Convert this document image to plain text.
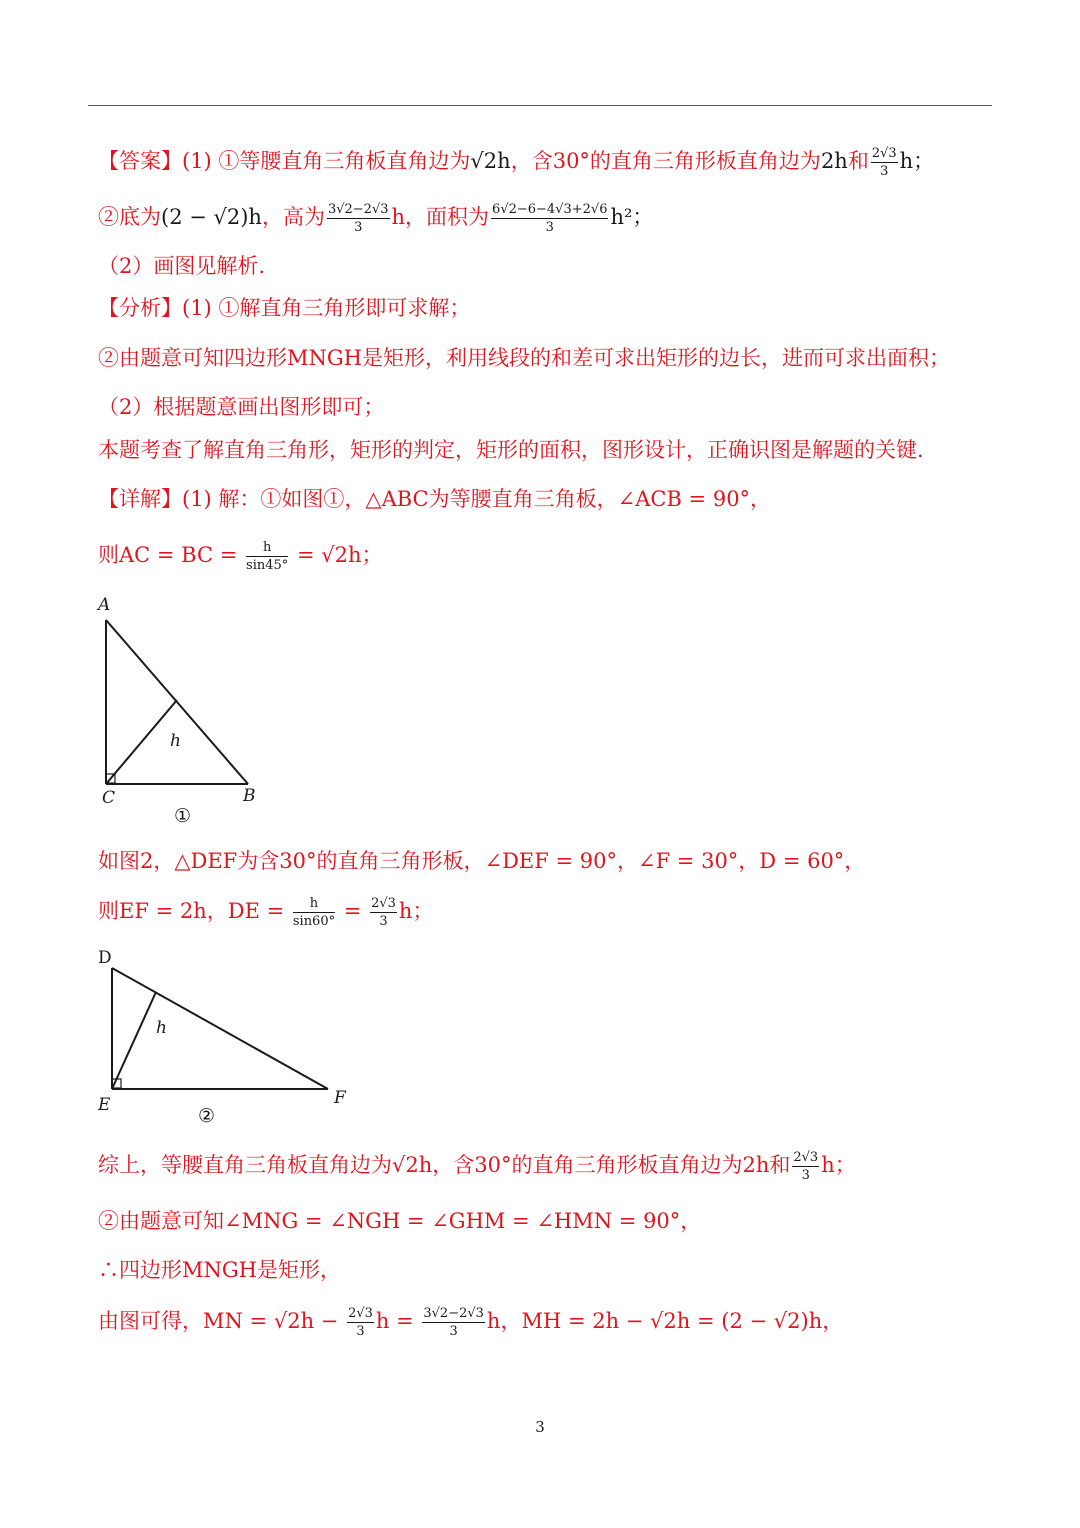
【答案】(1) ①等腰直角三角板直角边为√2h，含30°的直角三角形板直角边为2h和 $\frac{2√3}{3}$ h；
②底为(2 − √2)h，高为 $\frac{3√2-2√3}{3}$ h，面积为 $\frac{6√2-6-4√3+2√6}{3} h^2$；
（2）画图见解析.
【分析】(1) ①解直角三角形即可求解；
②由题意可知四边形MNGH是矩形，利用线段的和差可求出矩形的边长，进而可求出面积；
（2）根据题意画出图形即可；
本题考查了解直角三角形，矩形的判定，矩形的面积，图形设计，正确识图是解题的关键.
【详解】(1) 解：①如图①，△ABC为等腰直角三角板，∠ACB = 90°，
则AC = BC = $\frac{h}{\sin 45^\circ} = √2h$；
A
C	B
h
①
如图2，△DEF为含30°的直角三角形板，∠DEF = 90°，∠F = 30°，D = 60°，
则EF = 2h，DE = $\frac{h}{\sin 60^\circ} = \frac{2√3}{3}$ h；
D
E	F
h
②
综上，等腰直角三角板直角边为√2h，含30°的直角三角形板直角边为2h和 $\frac{2√3}{3}$ h；
②由题意可知∠MNG = ∠NGH = ∠GHM = ∠HMN = 90°，
∴四边形MNGH是矩形，
由图可得，MN = $√2h - \frac{2√3}{3}$ $h = \frac{3√2-2√3}{3}$ h，MH = 2h − √2h = (2 − √2)h，
3
